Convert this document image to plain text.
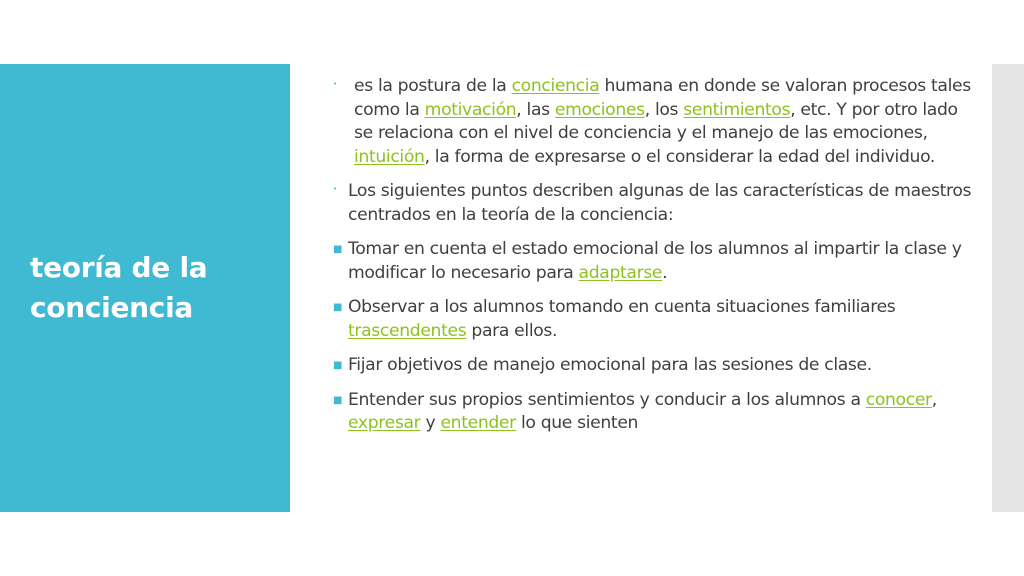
teoría de la conciencia
• es la postura de la conciencia humana en donde se valoran procesos tales como la motivación, las emociones, los sentimientos, etc. Y por otro lado se relaciona con el nivel de conciencia y el manejo de las emociones, intuición, la forma de expresarse o el considerar la edad del individuo.
• Los siguientes puntos describen algunas de las características de maestros centrados en la teoría de la conciencia:
■ Tomar en cuenta el estado emocional de los alumnos al impartir la clase y modificar lo necesario para adaptarse.
■ Observar a los alumnos tomando en cuenta situaciones familiares trascendentes para ellos.
■ Fijar objetivos de manejo emocional para las sesiones de clase.
■ Entender sus propios sentimientos y conducir a los alumnos a conocer, expresar y entender lo que sienten
